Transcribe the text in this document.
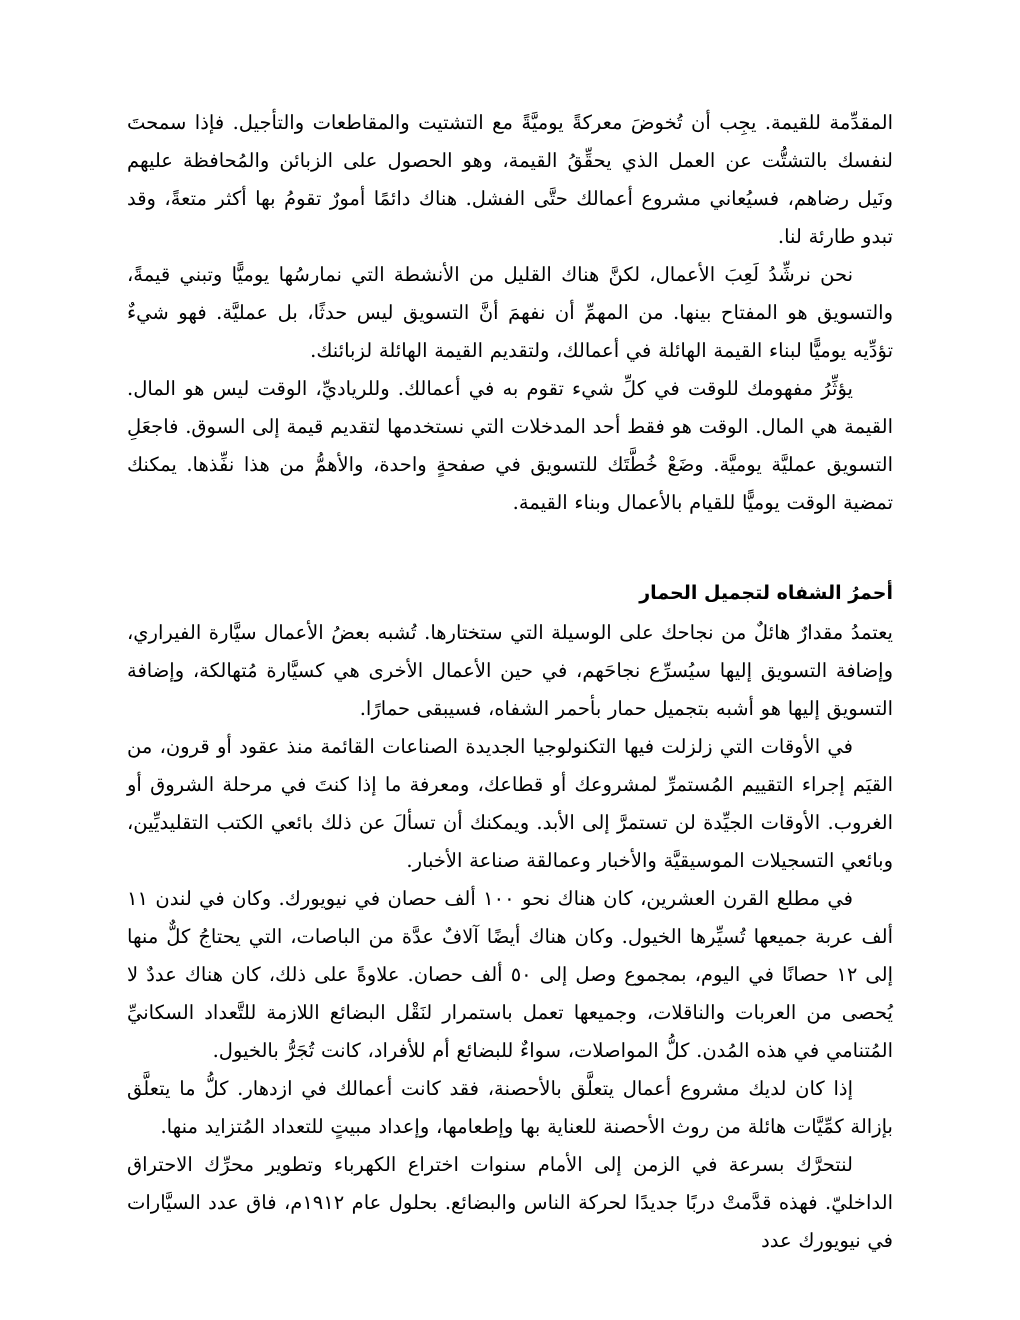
المقدِّمة للقيمة. يجِب أن تُخوضَ معركةً يوميَّةً مع التشتيت والمقاطعات والتأجيل. فإذا سمحتَ لنفسك بالتشتُّت عن العمل الذي يحقِّقُ القيمة، وهو الحصول على الزبائن والمُحافظة عليهم ونَيل رضاهم، فسيُعاني مشروع أعمالك حتَّى الفشل. هناك دائمًا أمورٌ تقومُ بها أكثر متعةً، وقد تبدو طارئة لنا.

نحن نرشِّدُ لَعِبَ الأعمال، لكنَّ هناك القليل من الأنشطة التي نمارسُها يوميًّا وتبني قيمةً، والتسويق هو المفتاح بينها. من المهمِّ أن نفهمَ أنَّ التسويق ليس حدثًا، بل عمليَّة. فهو شيءٌ تؤدِّيه يوميًّا لبناء القيمة الهائلة في أعمالك، ولتقديم القيمة الهائلة لزبائنك.

يؤثِّرُ مفهومك للوقت في كلِّ شيء تقوم به في أعمالك. وللرياديِّ، الوقت ليس هو المال. القيمة هي المال. الوقت هو فقط أحد المدخلات التي نستخدمها لتقديم قيمة إلى السوق. فاجعَلِ التسويق عمليَّة يوميَّة. وضَعْ خُطَّتَك للتسويق في صفحةٍ واحدة، والأهمُّ من هذا نفِّذها. يمكنك تمضية الوقت يوميًّا للقيام بالأعمال وبناء القيمة.

أحمرُ الشفاه لتجميل الحمار

يعتمدُ مقدارٌ هائلٌ من نجاحك على الوسيلة التي ستختارها. تُشبه بعضُ الأعمال سيَّارة الفيراري، وإضافة التسويق إليها سيُسرِّع نجاحَهم، في حين الأعمال الأخرى هي كسيَّارة مُتهالكة، وإضافة التسويق إليها هو أشبه بتجميل حمار بأحمر الشفاه، فسيبقى حمارًا.

في الأوقات التي زلزلت فيها التكنولوجيا الجديدة الصناعات القائمة منذ عقود أو قرون، من القيَم إجراء التقييم المُستمرِّ لمشروعك أو قطاعك، ومعرفة ما إذا كنتَ في مرحلة الشروق أو الغروب. الأوقات الجيِّدة لن تستمرَّ إلى الأبد. ويمكنك أن تسألَ عن ذلك بائعي الكتب التقليديِّين، وبائعي التسجيلات الموسيقيَّة والأخبار وعمالقة صناعة الأخبار.

في مطلع القرن العشرين، كان هناك نحو ١٠٠ ألف حصان في نيويورك. وكان في لندن ١١ ألف عربة جميعها تُسيِّرها الخيول. وكان هناك أيضًا آلافٌ عدَّة من الباصات، التي يحتاجُ كلٌّ منها إلى ١٢ حصانًا في اليوم، بمجموع وصل إلى ٥٠ ألف حصان. علاوةً على ذلك، كان هناك عددٌ لا يُحصى من العربات والناقلات، وجميعها تعمل باستمرار لنَقْل البضائع اللازمة للتَّعداد السكانيِّ المُتنامي في هذه المُدن. كلُّ المواصلات، سواءٌ للبضائع أم للأفراد، كانت تُجَرُّ بالخيول.

إذا كان لديك مشروع أعمال يتعلَّق بالأحصنة، فقد كانت أعمالك في ازدهار. كلُّ ما يتعلَّق بإزالة كمِّيَّات هائلة من روث الأحصنة للعناية بها وإطعامها، وإعداد مبيتٍ للتعداد المُتزايد منها.

لنتحرَّك بسرعة في الزمن إلى الأمام سنوات اختراع الكهرباء وتطوير محرِّك الاحتراق الداخليّ. فهذه قدَّمتْ دربًا جديدًا لحركة الناس والبضائع. بحلول عام ١٩١٢م، فاق عدد السيَّارات في نيويورك عدد
